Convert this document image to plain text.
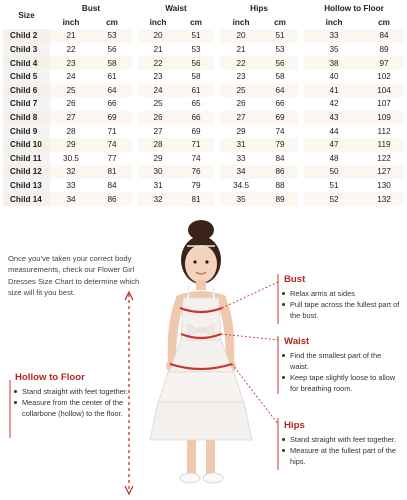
Size	Bust			Waist			Hips			Hollow to Floor	
	inch	cm		inch	cm		inch	cm		inch	cm
Child 2	21	53		20	51		20	51		33	84
Child 3	22	56		21	53		21	53		35	89
Child 4	23	58		22	56		22	56		38	97
Child 5	24	61		23	58		23	58		40	102
Child 6	25	64		24	61		25	64		41	104
Child 7	26	66		25	65		26	66		42	107
Child 8	27	69		26	66		27	69		43	109
Child 9	28	71		27	69		29	74		44	112
Child 10	29	74		28	71		31	79		47	119
Child 11	30.5	77		29	74		33	84		48	122
Child 12	32	81		30	76		34	86		50	127
Child 13	33	84		31	79		34.5	88		51	130
Child 14	34	86		32	81		35	89		52	132
Once you've taken your correct body measurements, check our Flower Girl Dresses Size Chart to determine which size will fit you best.
Bust
Relax arms at sides
Pull tape across the fullest part of the bust.
Waist
Find the smallest part of the waist.
Keep tape slightly loose to allow for breathing room.
Hips
Stand straight with feet together.
Measure at the fullest part of the hips.
Hollow to Floor
Stand straight with feet together.
Measure from the center of the collarbone (hollow) to the floor.
